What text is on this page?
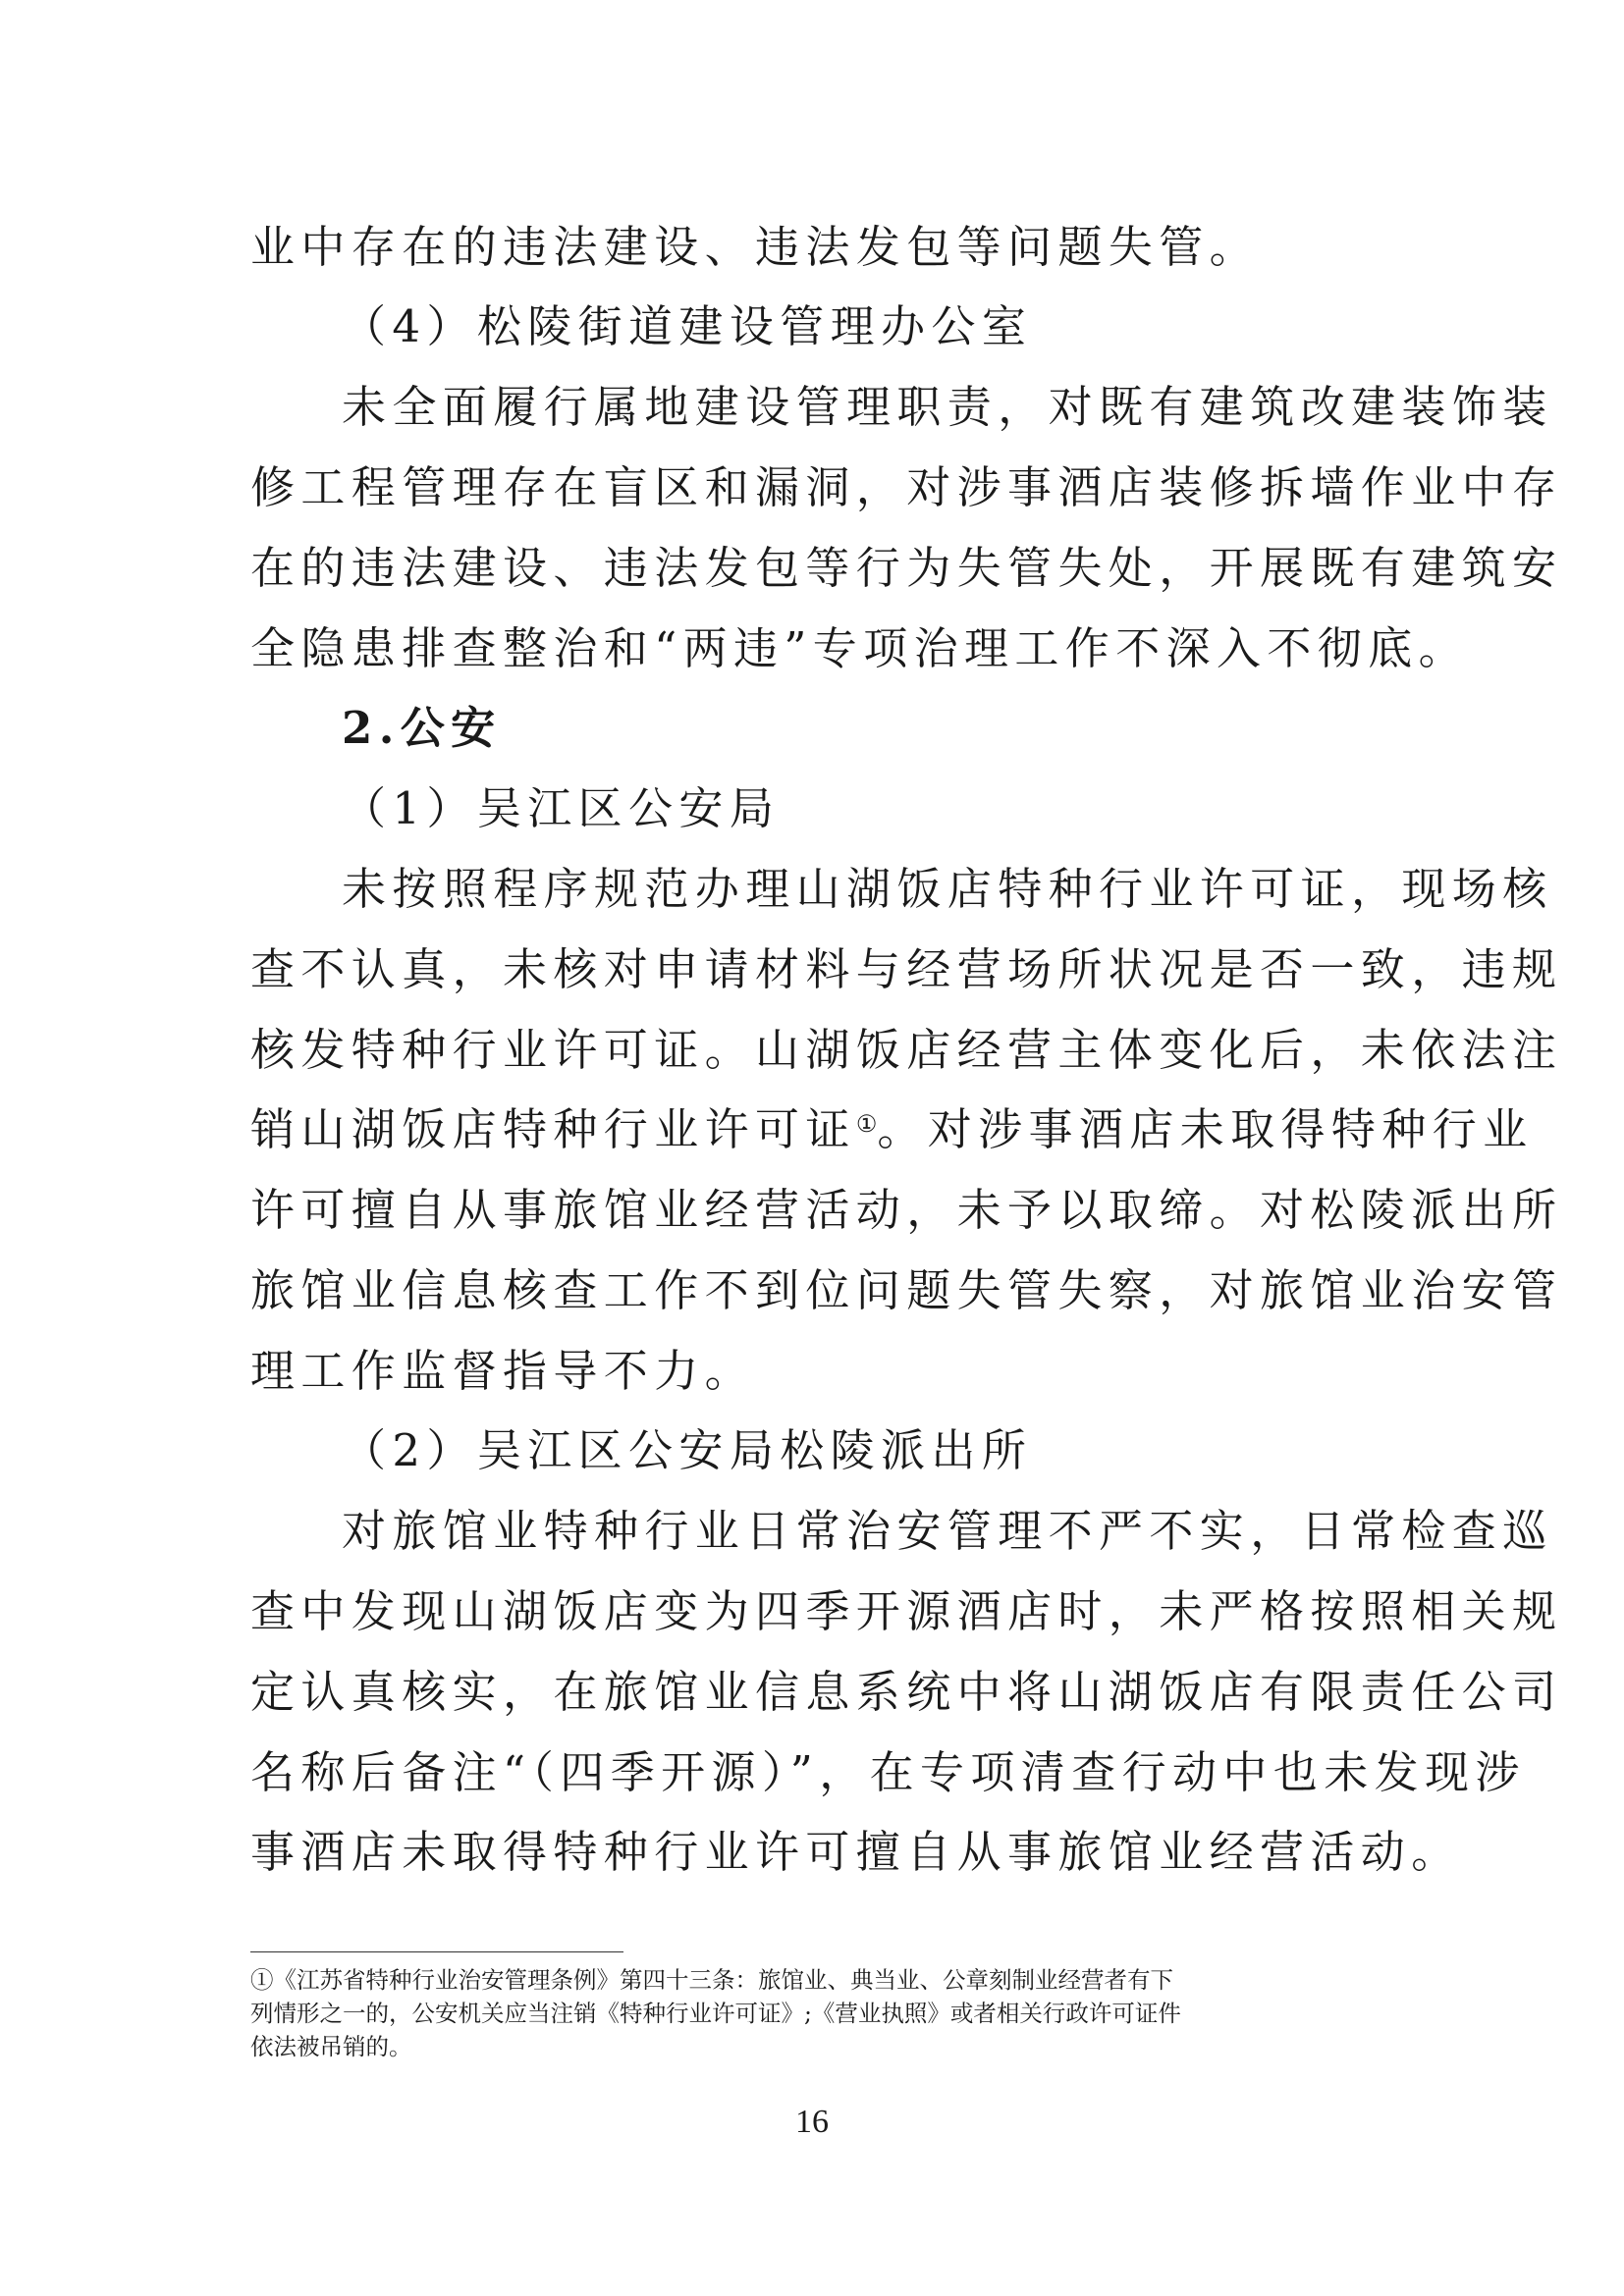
业中存在的违法建设、违法发包等问题失管。
（4）松陵街道建设管理办公室
未全面履行属地建设管理职责，对既有建筑改建装饰装
修工程管理存在盲区和漏洞，对涉事酒店装修拆墙作业中存
在的违法建设、违法发包等行为失管失处，开展既有建筑安
全隐患排查整治和“两违”专项治理工作不深入不彻底。
2.公安
（1）吴江区公安局
未按照程序规范办理山湖饭店特种行业许可证，现场核
查不认真，未核对申请材料与经营场所状况是否一致，违规
核发特种行业许可证。山湖饭店经营主体变化后，未依法注
销山湖饭店特种行业许可证①。对涉事酒店未取得特种行业
许可擅自从事旅馆业经营活动，未予以取缔。对松陵派出所
旅馆业信息核查工作不到位问题失管失察，对旅馆业治安管
理工作监督指导不力。
（2）吴江区公安局松陵派出所
对旅馆业特种行业日常治安管理不严不实，日常检查巡
查中发现山湖饭店变为四季开源酒店时，未严格按照相关规
定认真核实，在旅馆业信息系统中将山湖饭店有限责任公司
名称后备注“（四季开源）”，在专项清查行动中也未发现涉
事酒店未取得特种行业许可擅自从事旅馆业经营活动。
①《江苏省特种行业治安管理条例》第四十三条：旅馆业、典当业、公章刻制业经营者有下
列情形之一的，公安机关应当注销《特种行业许可证》;《营业执照》或者相关行政许可证件
依法被吊销的。
16
